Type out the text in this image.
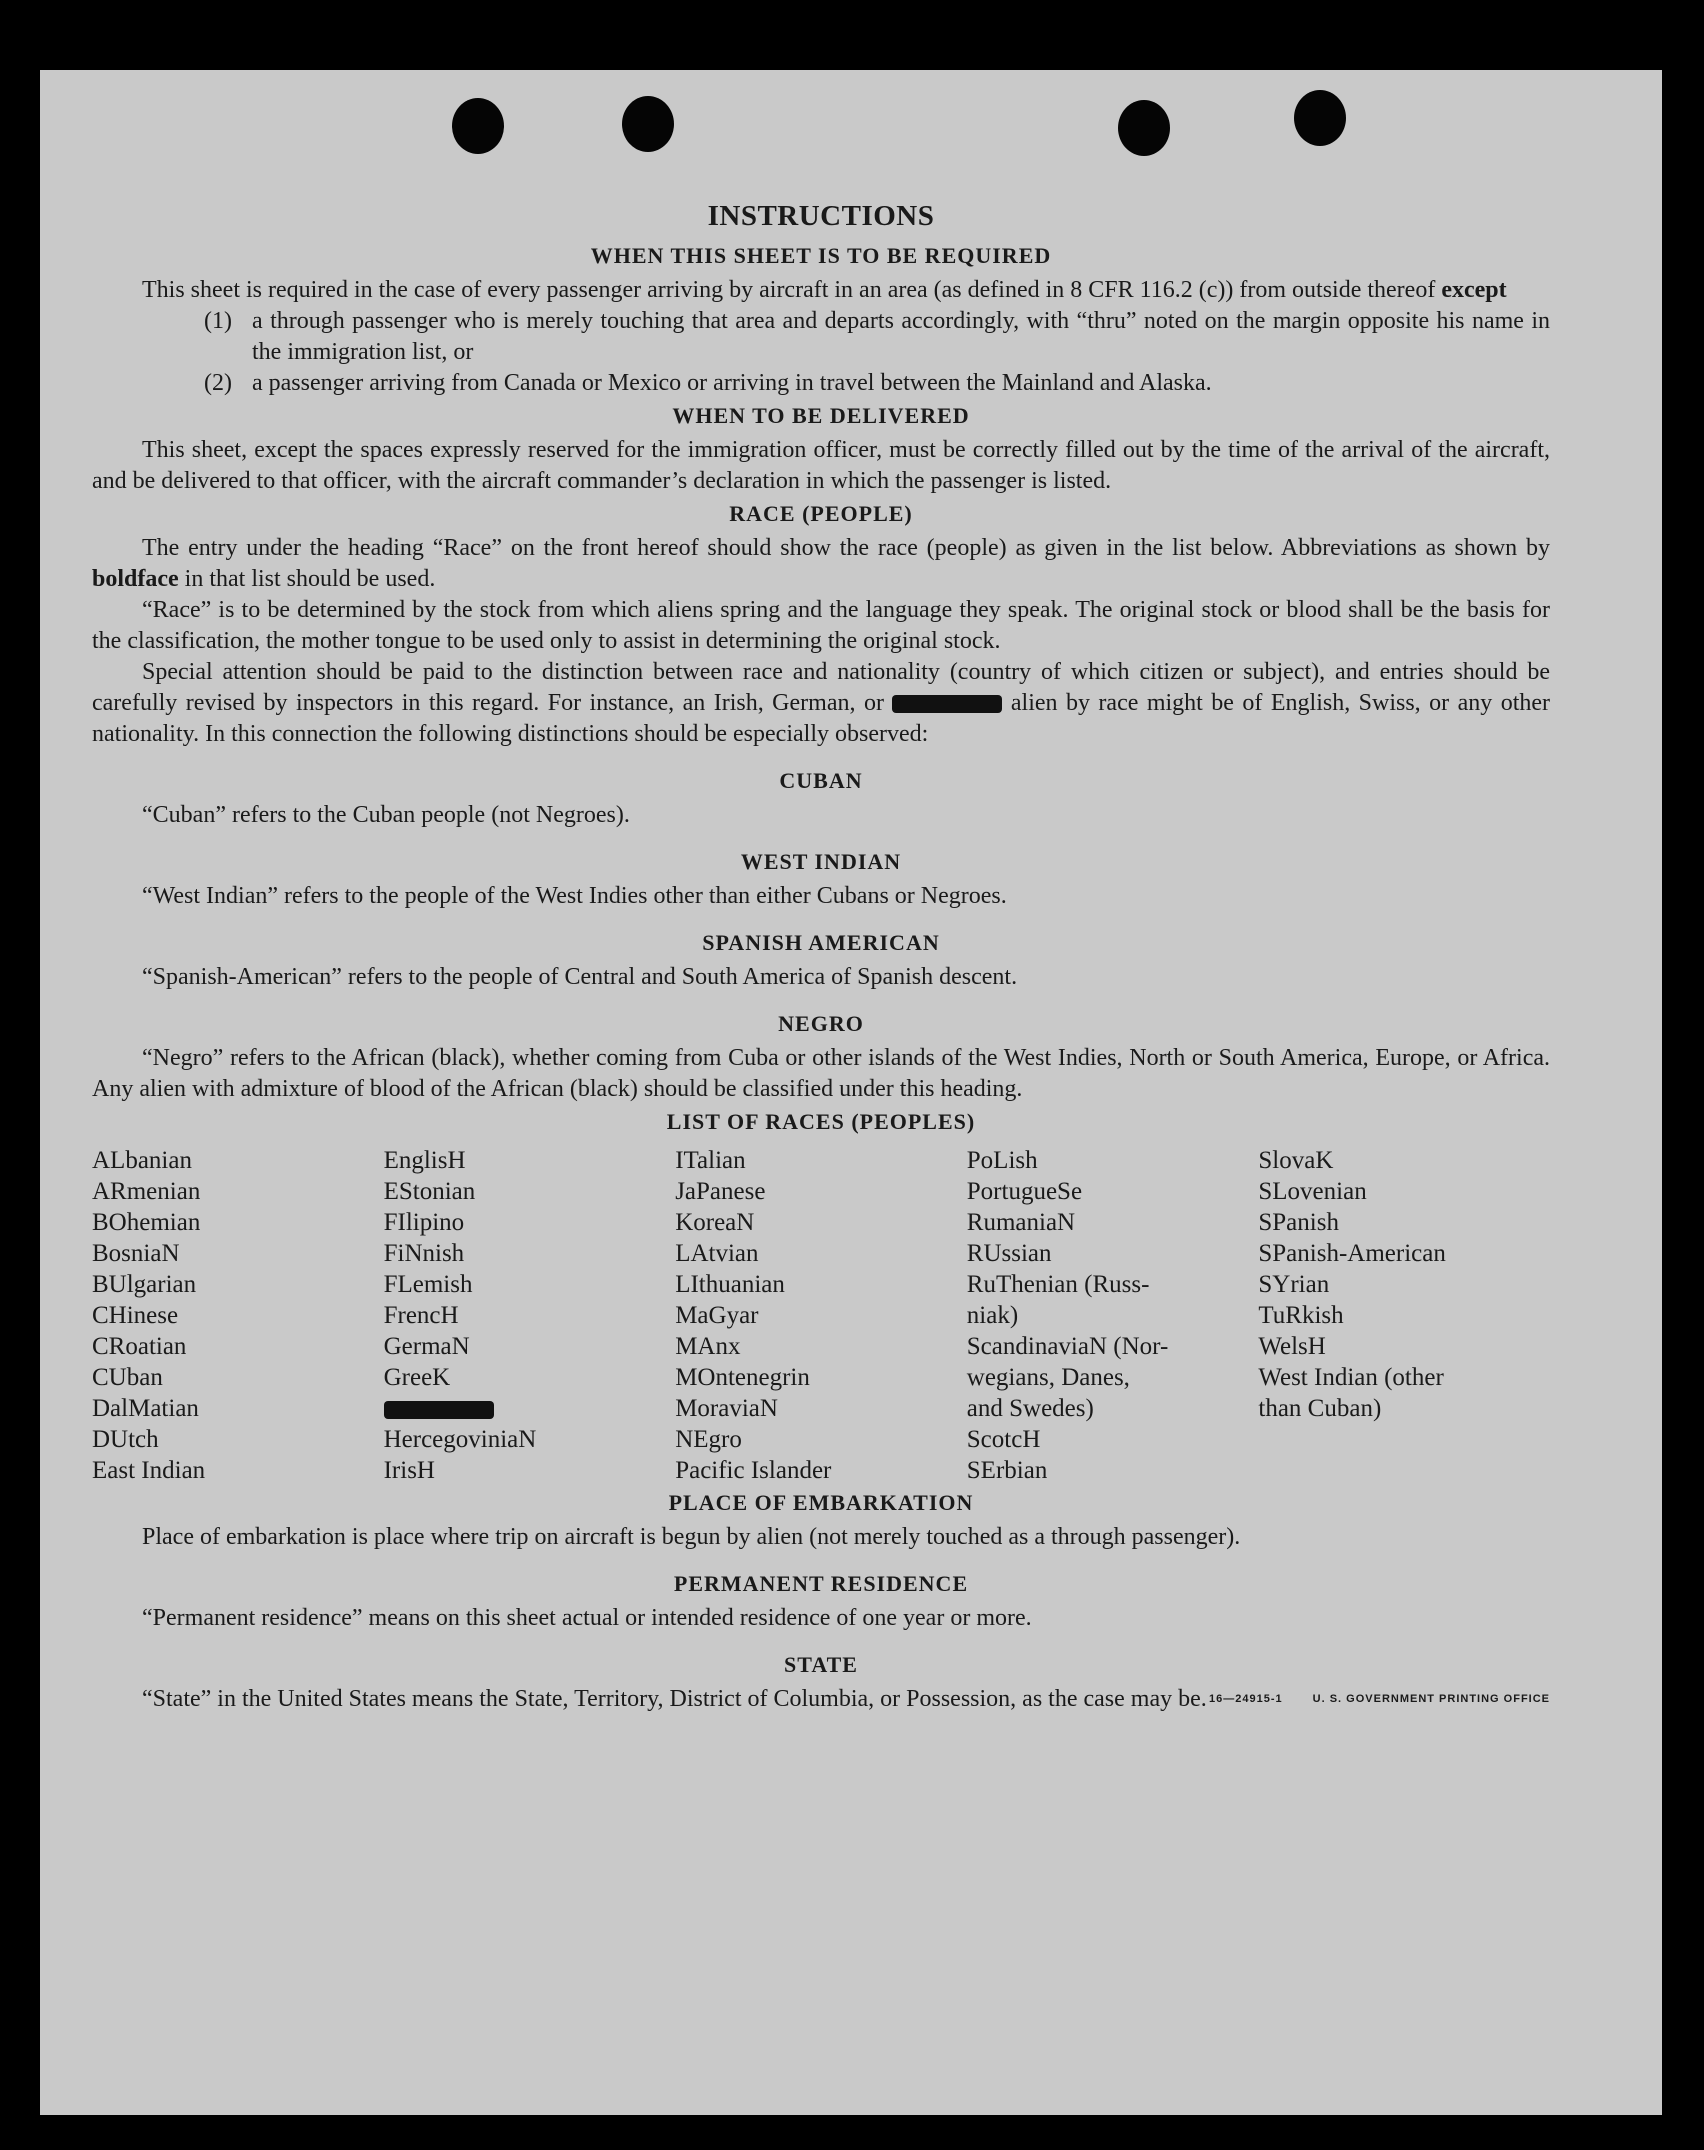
INSTRUCTIONS
WHEN THIS SHEET IS TO BE REQUIRED

This sheet is required in the case of every passenger arriving by aircraft in an area (as defined in 8 CFR 116.2 (c)) from outside thereof except

(1) a through passenger who is merely touching that area and departs accordingly, with “thru” noted on the margin opposite his name in the immigration list, or
(2) a passenger arriving from Canada or Mexico or arriving in travel between the Mainland and Alaska.
WHEN TO BE DELIVERED

This sheet, except the spaces expressly reserved for the immigration officer, must be correctly filled out by the time of the arrival of the aircraft, and be delivered to that officer, with the aircraft commander’s declaration in which the passenger is listed.

RACE (PEOPLE)

The entry under the heading “Race” on the front hereof should show the race (people) as given in the list below. Abbreviations as shown by boldface in that list should be used.

“Race” is to be determined by the stock from which aliens spring and the language they speak. The original stock or blood shall be the basis for the classification, the mother tongue to be used only to assist in determining the original stock.

Special attention should be paid to the distinction between race and nationality (country of which citizen or subject), and entries should be carefully revised by inspectors in this regard. For instance, an Irish, German, or	alien by race might be of English, Swiss, or any other nationality. In this connection the following distinctions should be especially observed:

CUBAN

“Cuban” refers to the Cuban people (not Negroes).

WEST INDIAN

“West Indian” refers to the people of the West Indies other than either Cubans or Negroes.

SPANISH AMERICAN

“Spanish-American” refers to the people of Central and South America of Spanish descent.

NEGRO

“Negro” refers to the African (black), whether coming from Cuba or other islands of the West Indies, North or South America, Europe, or Africa. Any alien with admixture of blood of the African (black) should be classified under this heading.

LIST OF RACES (PEOPLES)
ALbanian
ARmenian
BOhemian
BosniaN
BUlgarian
CHinese
CRoatian
CUban
DalMatian
DUtch
East Indian
EnglisH
EStonian
FIlipino
FiNnish
FLemish
FrencH
GermaN
GreeK
HercegoviniaN
IrisH
ITalian
JaPanese
KoreaN
LAtvian
LIthuanian
MaGyar
MAnx
MOntenegrin
MoraviaN
NEgro
Pacific Islander
PoLish
PortugueSe
RumaniaN
RUssian
RuThenian (Russ-
niak)
ScandinaviaN (Nor-
wegians, Danes,
and Swedes)
ScotcH
SErbian
SlovaK
SLovenian
SPanish
SPanish-American
SYrian
TuRkish
WelsH
West Indian (other
than Cuban)
PLACE OF EMBARKATION

Place of embarkation is place where trip on aircraft is begun by alien (not merely touched as a through passenger).

PERMANENT RESIDENCE

“Permanent residence” means on this sheet actual or intended residence of one year or more.

STATE

“State” in the United States means the State, Territory, District of Columbia, or Possession, as the case may be. 16—24915-1	U. S. GOVERNMENT PRINTING OFFICE
